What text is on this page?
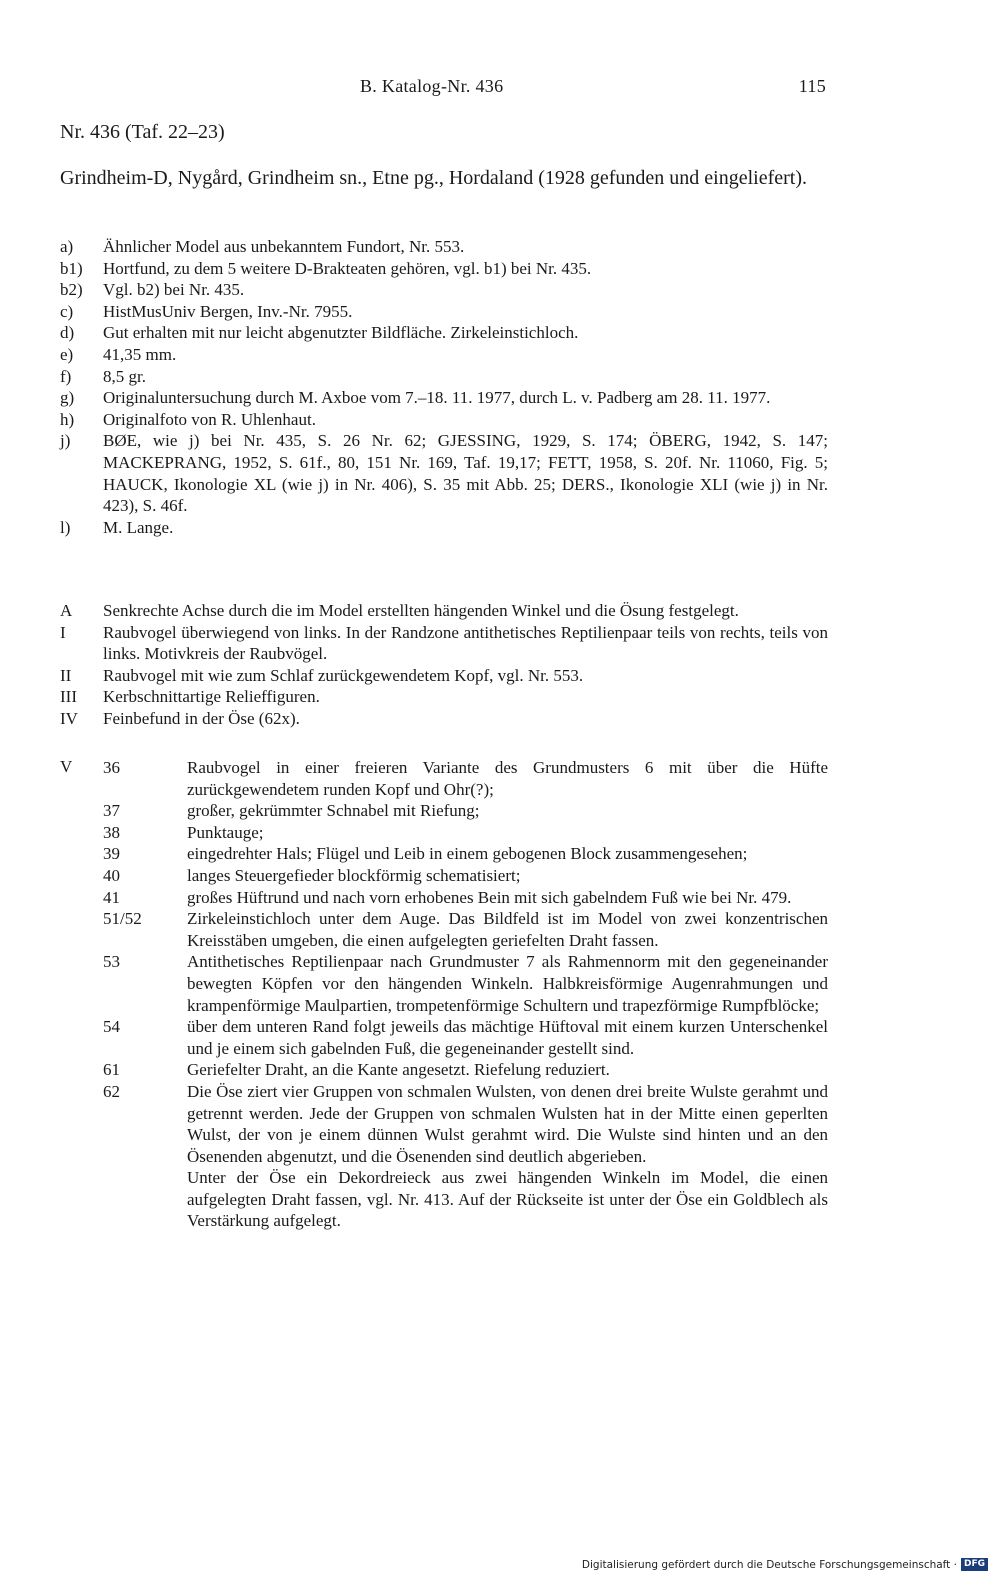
B. Katalog-Nr. 436	115
Nr. 436 (Taf. 22–23)
Grindheim-D, Nygård, Grindheim sn., Etne pg., Hordaland (1928 gefunden und eingeliefert).
a) Ähnlicher Model aus unbekanntem Fundort, Nr. 553.
b1) Hortfund, zu dem 5 weitere D-Brakteaten gehören, vgl. b1) bei Nr. 435.
b2) Vgl. b2) bei Nr. 435.
c) HistMusUniv Bergen, Inv.-Nr. 7955.
d) Gut erhalten mit nur leicht abgenutzter Bildfläche. Zirkeleinstichloch.
e) 41,35 mm.
f) 8,5 gr.
g) Originaluntersuchung durch M. Axboe vom 7.–18. 11. 1977, durch L. v. Padberg am 28. 11. 1977.
h) Originalfoto von R. Uhlenhaut.
j) BØE, wie j) bei Nr. 435, S. 26 Nr. 62; GJESSING, 1929, S. 174; ÖBERG, 1942, S. 147; MACKEPRANG, 1952, S. 61f., 80, 151 Nr. 169, Taf. 19,17; FETT, 1958, S. 20f. Nr. 11060, Fig. 5; HAUCK, Ikonologie XL (wie j) in Nr. 406), S. 35 mit Abb. 25; DERS., Ikonologie XLI (wie j) in Nr. 423), S. 46f.
l) M. Lange.
A Senkrechte Achse durch die im Model erstellten hängenden Winkel und die Ösung festgelegt.
I Raubvogel überwiegend von links. In der Randzone antithetisches Reptilienpaar teils von rechts, teils von links. Motivkreis der Raubvögel.
II Raubvogel mit wie zum Schlaf zurückgewendetem Kopf, vgl. Nr. 553.
III Kerbschnittartige Relieffiguren.
IV Feinbefund in der Öse (62x).
V 36	Raubvogel in einer freieren Variante des Grundmusters 6 mit über die Hüfte zurückgewendetem runden Kopf und Ohr(?);
37	großer, gekrümmter Schnabel mit Riefung;
38	Punktauge;
39	eingedrehter Hals; Flügel und Leib in einem gebogenen Block zusammengesehen;
40	langes Steuergefieder blockförmig schematisiert;
41	großes Hüftrund und nach vorn erhobenes Bein mit sich gabelndem Fuß wie bei Nr. 479.
51/52	Zirkeleinstichloch unter dem Auge. Das Bildfeld ist im Model von zwei konzentrischen Kreisstäben umgeben, die einen aufgelegten geriefelten Draht fassen.
53	Antithetisches Reptilienpaar nach Grundmuster 7 als Rahmennorm mit den gegeneinander bewegten Köpfen vor den hängenden Winkeln. Halbkreisförmige Augenrahmungen und krampenförmige Maulpartien, trompetenförmige Schultern und trapezförmige Rumpfblöcke;
54	über dem unteren Rand folgt jeweils das mächtige Hüftoval mit einem kurzen Unterschenkel und je einem sich gabelnden Fuß, die gegeneinander gestellt sind.
61	Geriefelter Draht, an die Kante angesetzt. Riefelung reduziert.
62	Die Öse ziert vier Gruppen von schmalen Wulsten, von denen drei breite Wulste gerahmt und getrennt werden. Jede der Gruppen von schmalen Wulsten hat in der Mitte einen geperlten Wulst, der von je einem dünnen Wulst gerahmt wird. Die Wulste sind hinten und an den Ösenenden abgenutzt, und die Ösenenden sind deutlich abgerieben.
Unter der Öse ein Dekordreieck aus zwei hängenden Winkeln im Model, die einen aufgelegten Draht fassen, vgl. Nr. 413. Auf der Rückseite ist unter der Öse ein Goldblech als Verstärkung aufgelegt.
Digitalisierung gefördert durch die Deutsche Forschungsgemeinschaft · DFG
